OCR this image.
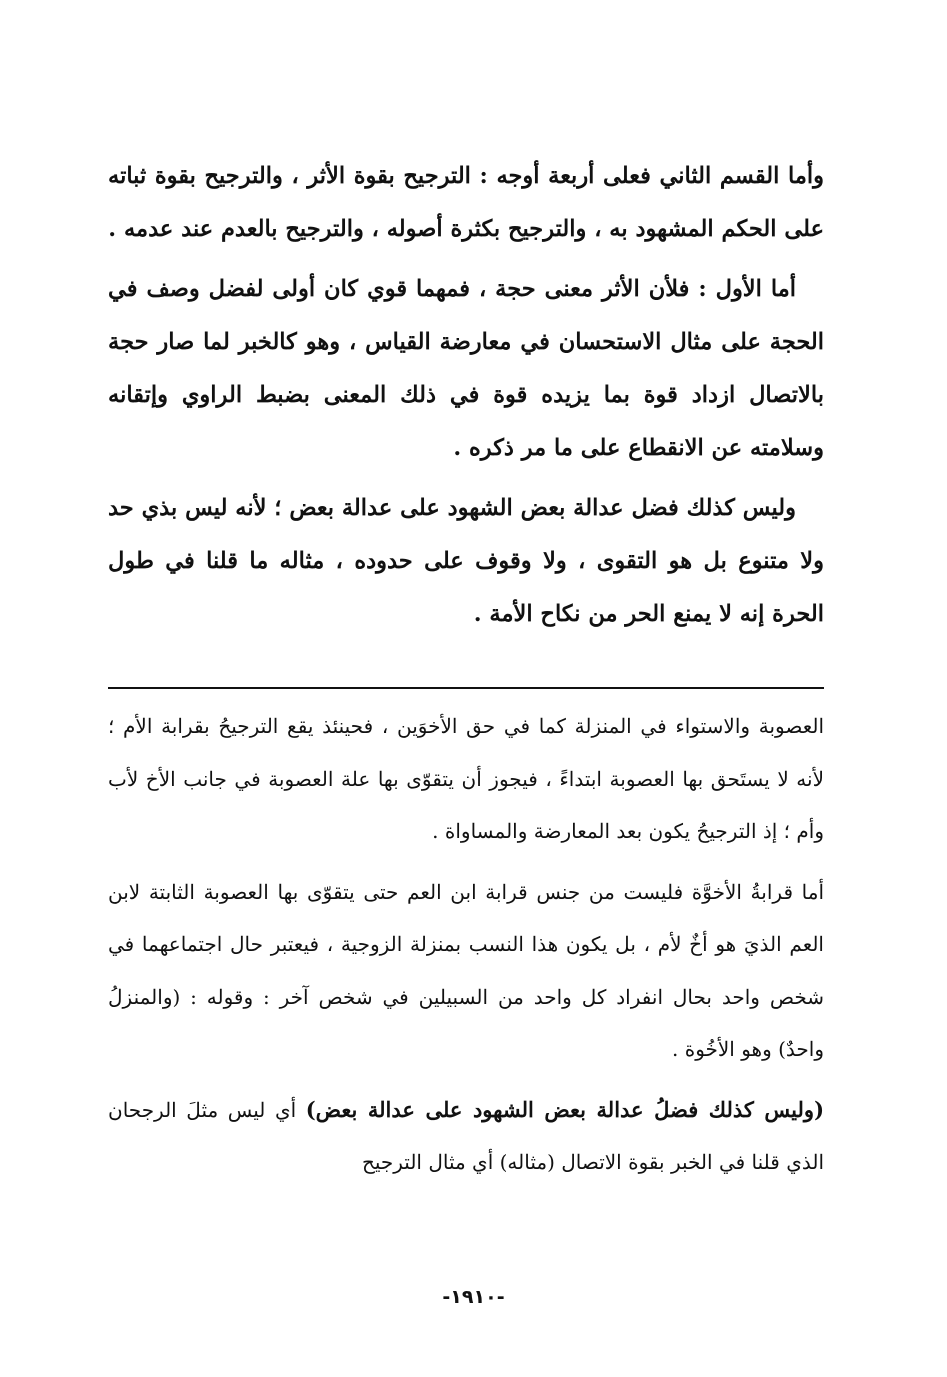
وأما القسم الثاني فعلى أربعة أوجه : الترجيح بقوة الأثر ، والترجيح بقوة ثباته على الحكم المشهود به ، والترجيح بكثرة أصوله ، والترجيح بالعدم عند عدمه .

أما الأول : فلأن الأثر معنى حجة ، فمهما قوي كان أولى لفضل وصف في الحجة على مثال الاستحسان في معارضة القياس ، وهو كالخبر لما صار حجة بالاتصال ازداد قوة بما يزيده قوة في ذلك المعنى بضبط الراوي وإتقانه وسلامته عن الانقطاع على ما مر ذكره .

وليس كذلك فضل عدالة بعض الشهود على عدالة بعض ؛ لأنه ليس بذي حد ولا متنوع بل هو التقوى ، ولا وقوف على حدوده ، مثاله ما قلنا في طول الحرة إنه لا يمنع الحر من نكاح الأمة .

العصوبة والاستواء في المنزلة كما في حق الأخوَين ، فحينئذ يقع الترجيحُ بقرابة الأم ؛ لأنه لا يستَحق بها العصوبة ابتداءً ، فيجوز أن يتقوّى بها علة العصوبة في جانب الأخ لأب وأم ؛ إذ الترجيحُ يكون بعد المعارضة والمساواة .

أما قرابةُ الأخوَّة فليست من جنس قرابة ابن العم حتى يتقوّى بها العصوبة الثابتة لابن العم الذيَ هو أخٌ لأم ، بل يكون هذا النسب بمنزلة الزوجية ، فيعتبر حال اجتماعهما في شخص واحد بحال انفراد كل واحد من السبيلين في شخص آخر : وقوله : (والمنزلُ واحدٌ) وهو الأخُوة .

(وليس كذلك فضلُ عدالة بعض الشهود على عدالة بعض) أي ليس مثلَ الرجحان الذي قلنا في الخبر بقوة الاتصال (مثاله) أي مثال الترجيح

-١٩١٠-
